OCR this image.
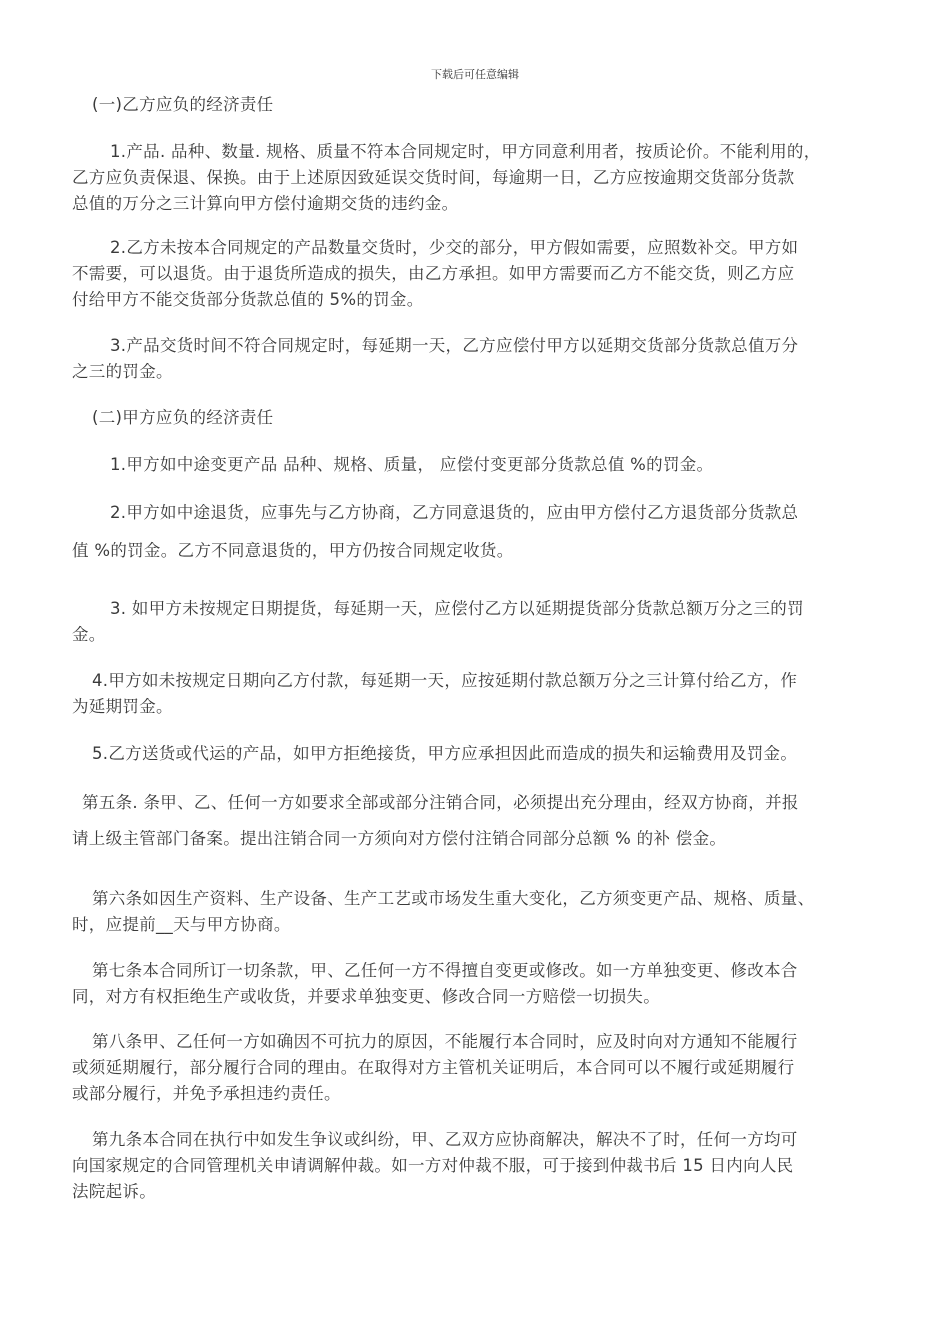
下载后可任意编辑
(一)乙方应负的经济责任
1.产品. 品种、数量. 规格、质量不符本合同规定时，甲方同意利用者，按质论价。不能利用的，
乙方应负责保退、保换。由于上述原因致延误交货时间，每逾期一日，乙方应按逾期交货部分货款
总值的万分之三计算向甲方偿付逾期交货的违约金。
2.乙方未按本合同规定的产品数量交货时，少交的部分，甲方假如需要，应照数补交。甲方如
不需要，可以退货。由于退货所造成的损失，由乙方承担。如甲方需要而乙方不能交货，则乙方应
付给甲方不能交货部分货款总值的 5%的罚金。
3.产品交货时间不符合同规定时，每延期一天，乙方应偿付甲方以延期交货部分货款总值万分
之三的罚金。
(二)甲方应负的经济责任
1.甲方如中途变更产品 品种、规格、质量， 应偿付变更部分货款总值 %的罚金。
2.甲方如中途退货，应事先与乙方协商，乙方同意退货的，应由甲方偿付乙方退货部分货款总
值 %的罚金。乙方不同意退货的，甲方仍按合同规定收货。
3. 如甲方未按规定日期提货，每延期一天，应偿付乙方以延期提货部分货款总额万分之三的罚
金。
4.甲方如未按规定日期向乙方付款，每延期一天，应按延期付款总额万分之三计算付给乙方，作
为延期罚金。
5.乙方送货或代运的产品，如甲方拒绝接货，甲方应承担因此而造成的损失和运输费用及罚金。
第五条. 条甲、乙、任何一方如要求全部或部分注销合同，必须提出充分理由，经双方协商，并报
请上级主管部门备案。提出注销合同一方须向对方偿付注销合同部分总额 % 的补 偿金。
第六条如因生产资料、生产设备、生产工艺或市场发生重大变化，乙方须变更产品、规格、质量、
时，应提前__天与甲方协商。
第七条本合同所订一切条款，甲、乙任何一方不得擅自变更或修改。如一方单独变更、修改本合
同，对方有权拒绝生产或收货，并要求单独变更、修改合同一方赔偿一切损失。
第八条甲、乙任何一方如确因不可抗力的原因，不能履行本合同时，应及时向对方通知不能履行
或须延期履行，部分履行合同的理由。在取得对方主管机关证明后，本合同可以不履行或延期履行
或部分履行，并免予承担违约责任。
第九条本合同在执行中如发生争议或纠纷，甲、乙双方应协商解决，解决不了时，任何一方均可
向国家规定的合同管理机关申请调解仲裁。如一方对仲裁不服，可于接到仲裁书后 15 日内向人民
法院起诉。
